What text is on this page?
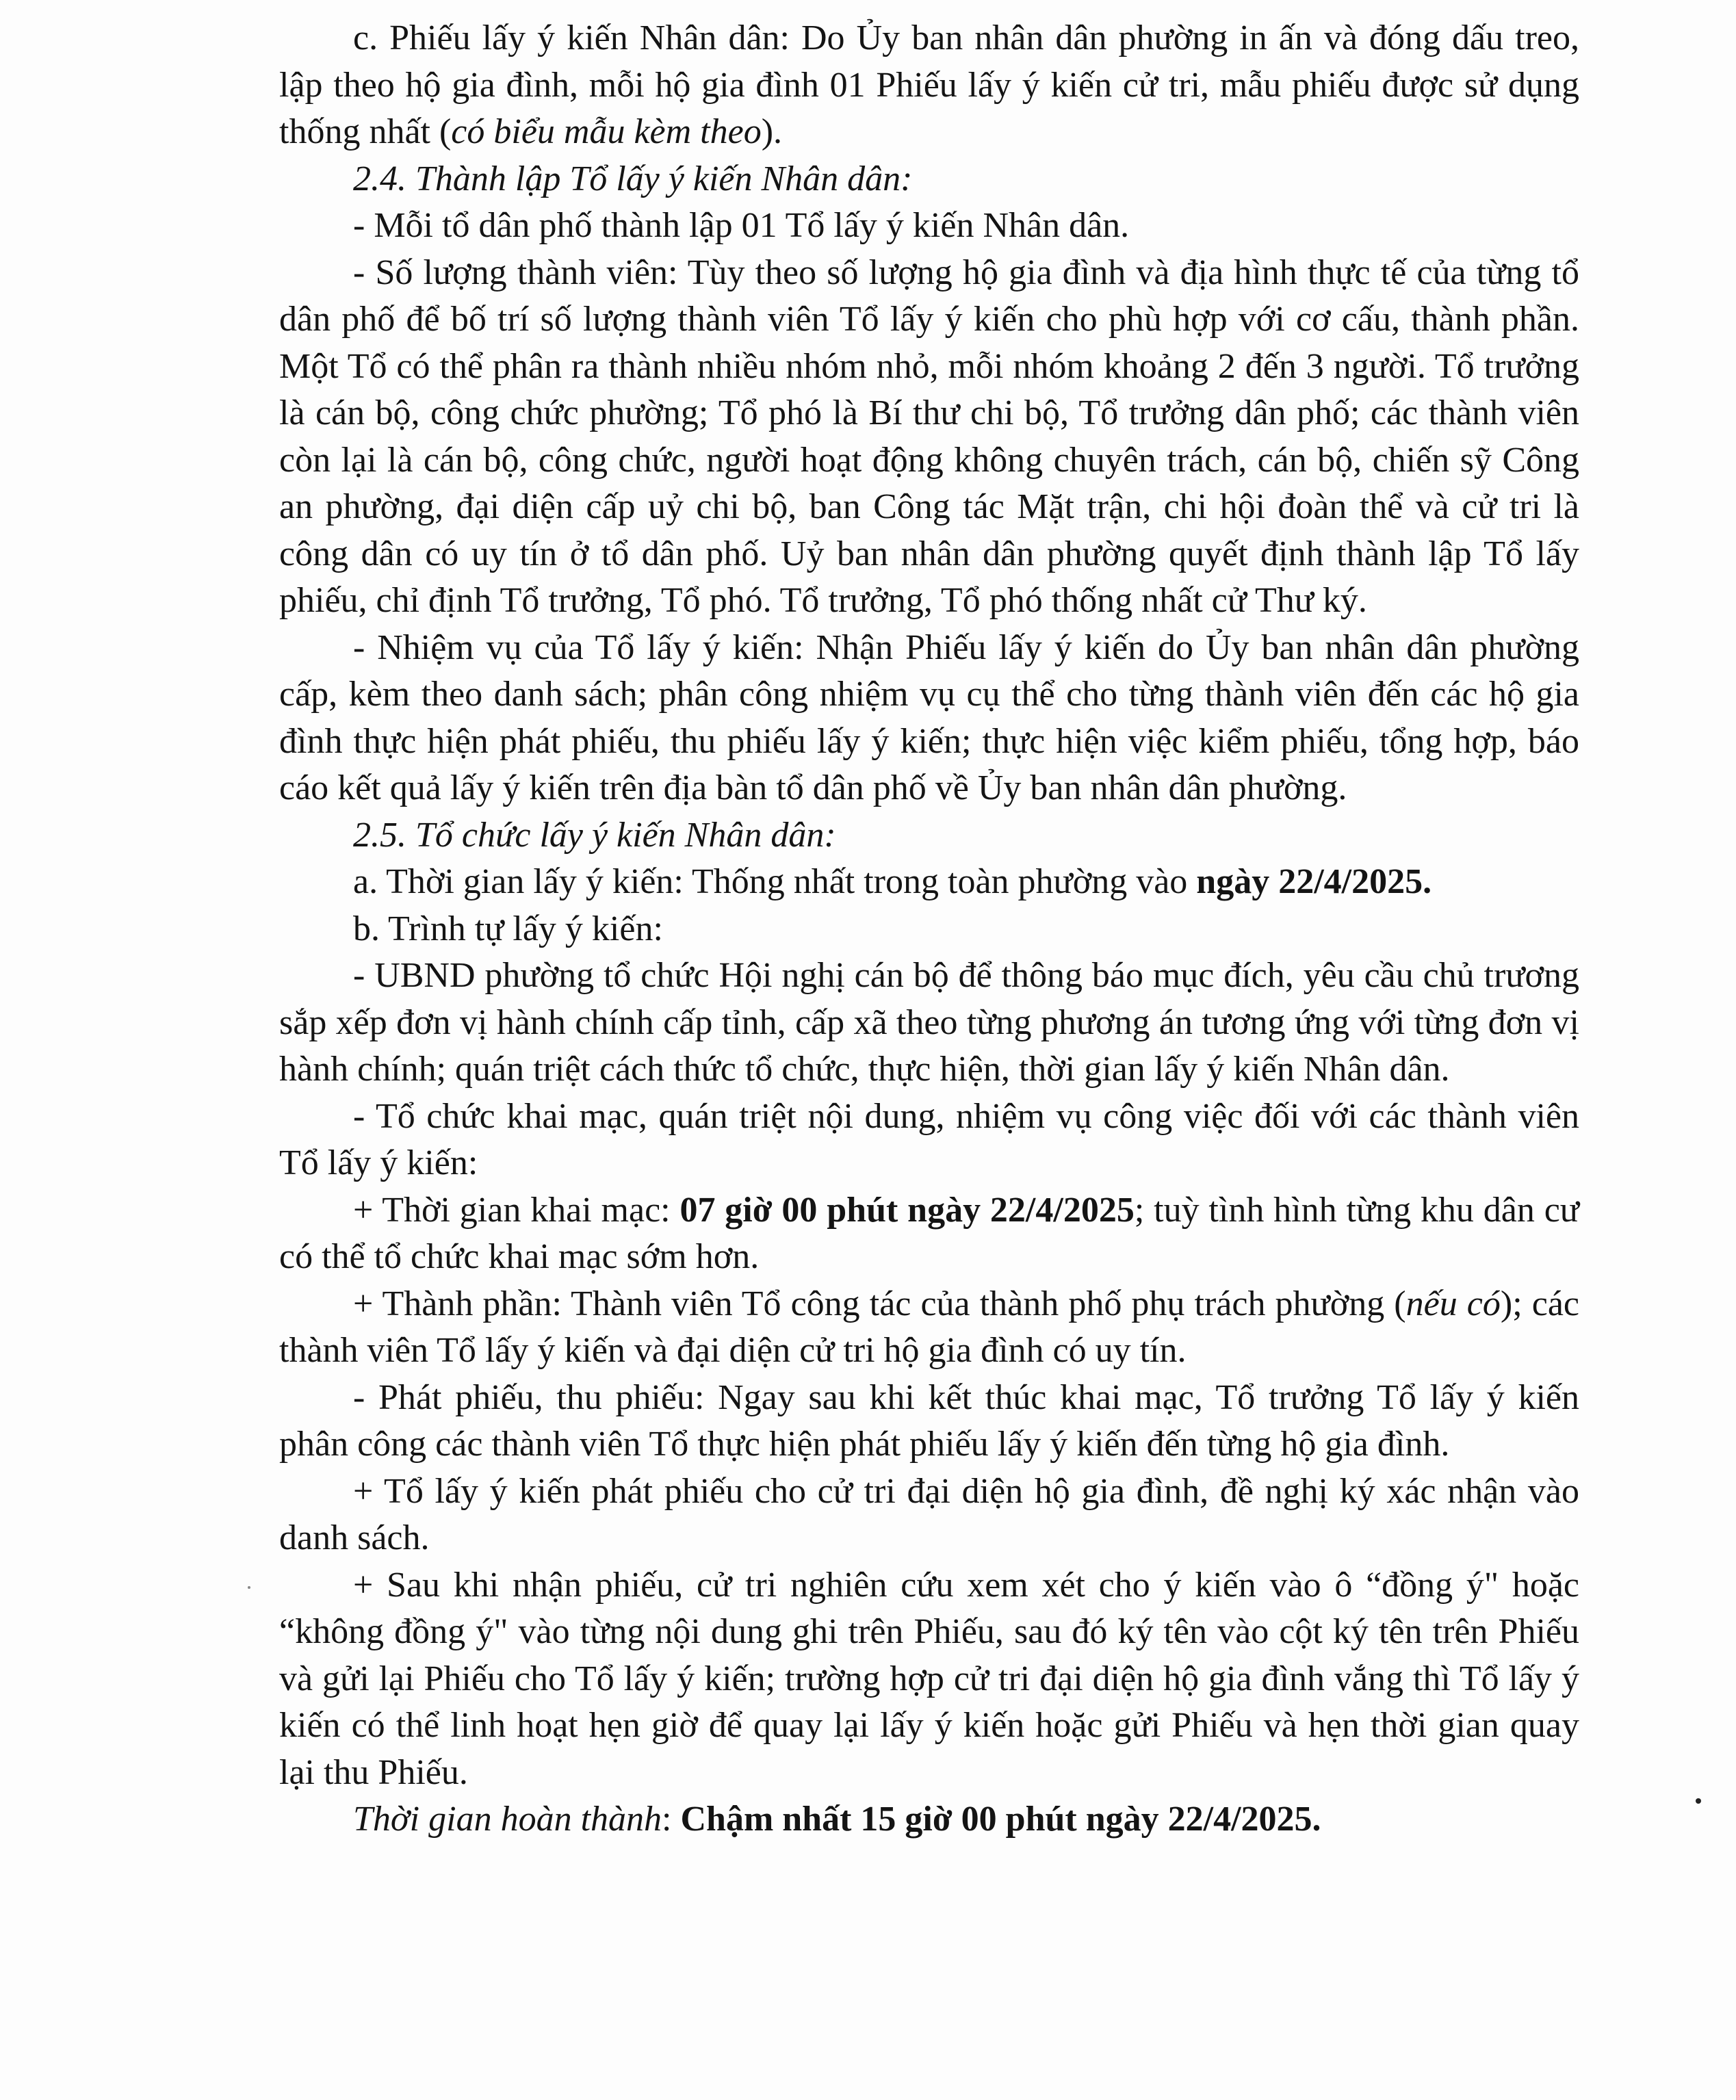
c. Phiếu lấy ý kiến Nhân dân: Do Ủy ban nhân dân phường in ấn và đóng dấu treo, lập theo hộ gia đình, mỗi hộ gia đình 01 Phiếu lấy ý kiến cử tri, mẫu phiếu được sử dụng thống nhất (có biểu mẫu kèm theo).

2.4. Thành lập Tổ lấy ý kiến Nhân dân:

- Mỗi tổ dân phố thành lập 01 Tổ lấy ý kiến Nhân dân.

- Số lượng thành viên: Tùy theo số lượng hộ gia đình và địa hình thực tế của từng tổ dân phố để bố trí số lượng thành viên Tổ lấy ý kiến cho phù hợp với cơ cấu, thành phần. Một Tổ có thể phân ra thành nhiều nhóm nhỏ, mỗi nhóm khoảng 2 đến 3 người. Tổ trưởng là cán bộ, công chức phường; Tổ phó là Bí thư chi bộ, Tổ trưởng dân phố; các thành viên còn lại là cán bộ, công chức, người hoạt động không chuyên trách, cán bộ, chiến sỹ Công an phường, đại diện cấp uỷ chi bộ, ban Công tác Mặt trận, chi hội đoàn thể và cử tri là công dân có uy tín ở tổ dân phố. Uỷ ban nhân dân phường quyết định thành lập Tổ lấy phiếu, chỉ định Tổ trưởng, Tổ phó. Tổ trưởng, Tổ phó thống nhất cử Thư ký.

- Nhiệm vụ của Tổ lấy ý kiến: Nhận Phiếu lấy ý kiến do Ủy ban nhân dân phường cấp, kèm theo danh sách; phân công nhiệm vụ cụ thể cho từng thành viên đến các hộ gia đình thực hiện phát phiếu, thu phiếu lấy ý kiến; thực hiện việc kiểm phiếu, tổng hợp, báo cáo kết quả lấy ý kiến trên địa bàn tổ dân phố về Ủy ban nhân dân phường.

2.5. Tổ chức lấy ý kiến Nhân dân:

a. Thời gian lấy ý kiến: Thống nhất trong toàn phường vào ngày 22/4/2025.

b. Trình tự lấy ý kiến:

- UBND phường tổ chức Hội nghị cán bộ để thông báo mục đích, yêu cầu chủ trương sắp xếp đơn vị hành chính cấp tỉnh, cấp xã theo từng phương án tương ứng với từng đơn vị hành chính; quán triệt cách thức tổ chức, thực hiện, thời gian lấy ý kiến Nhân dân.

- Tổ chức khai mạc, quán triệt nội dung, nhiệm vụ công việc đối với các thành viên Tổ lấy ý kiến:

+ Thời gian khai mạc: 07 giờ 00 phút ngày 22/4/2025; tuỳ tình hình từng khu dân cư có thể tổ chức khai mạc sớm hơn.

+ Thành phần: Thành viên Tổ công tác của thành phố phụ trách phường (nếu có); các thành viên Tổ lấy ý kiến và đại diện cử tri hộ gia đình có uy tín.

- Phát phiếu, thu phiếu: Ngay sau khi kết thúc khai mạc, Tổ trưởng Tổ lấy ý kiến phân công các thành viên Tổ thực hiện phát phiếu lấy ý kiến đến từng hộ gia đình.

+ Tổ lấy ý kiến phát phiếu cho cử tri đại diện hộ gia đình, đề nghị ký xác nhận vào danh sách.

+ Sau khi nhận phiếu, cử tri nghiên cứu xem xét cho ý kiến vào ô “đồng ý" hoặc “không đồng ý" vào từng nội dung ghi trên Phiếu, sau đó ký tên vào cột ký tên trên Phiếu và gửi lại Phiếu cho Tổ lấy ý kiến; trường hợp cử tri đại diện hộ gia đình vắng thì Tổ lấy ý kiến có thể linh hoạt hẹn giờ để quay lại lấy ý kiến hoặc gửi Phiếu và hẹn thời gian quay lại thu Phiếu.

Thời gian hoàn thành: Chậm nhất 15 giờ 00 phút ngày 22/4/2025.
